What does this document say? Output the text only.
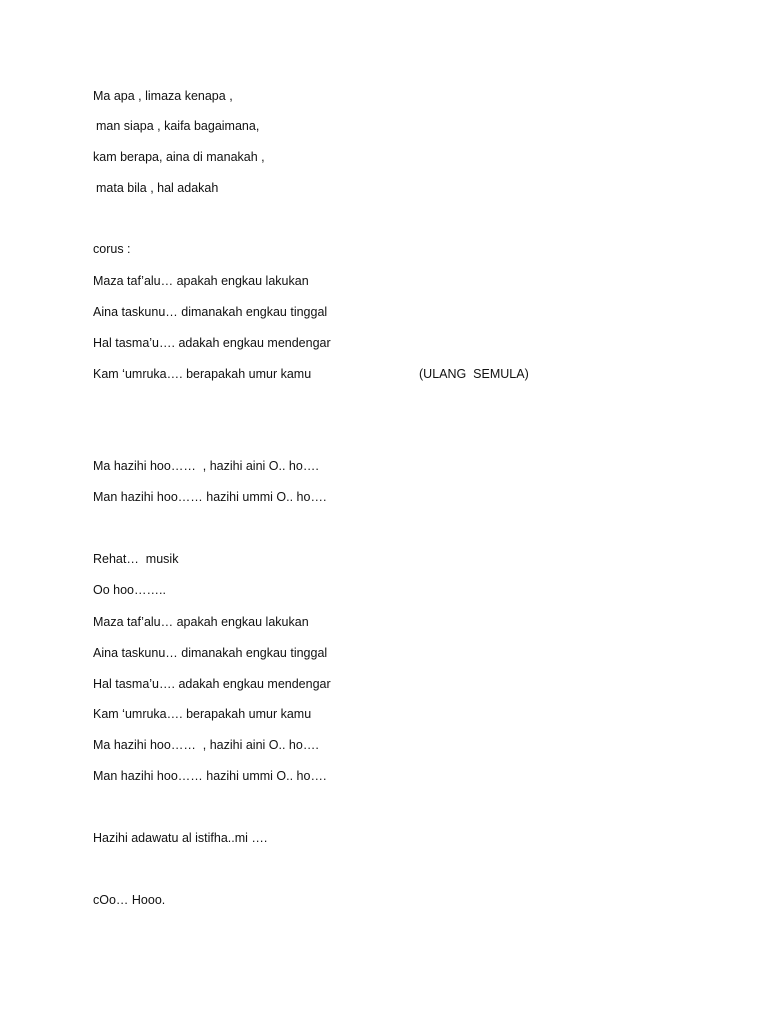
Ma apa , limaza kenapa ,
man siapa , kaifa bagaimana,
kam berapa, aina di manakah ,
mata bila , hal adakah
corus :
Maza taf’alu… apakah engkau lakukan
Aina taskunu… dimanakah engkau tinggal
Hal tasma’u…. adakah engkau mendengar
Kam ‘umruka…. berapakah umur kamu	(ULANG  SEMULA)
Ma hazihi hoo……  , hazihi aini O.. ho….
Man hazihi hoo…… hazihi ummi O.. ho….
Rehat…  musik
Oo hoo……..
Maza taf’alu… apakah engkau lakukan
Aina taskunu… dimanakah engkau tinggal
Hal tasma’u…. adakah engkau mendengar
Kam ‘umruka…. berapakah umur kamu
Ma hazihi hoo……  , hazihi aini O.. ho….
Man hazihi hoo…… hazihi ummi O.. ho….
Hazihi adawatu al istifha..mi ….
cOo… Hooo.
